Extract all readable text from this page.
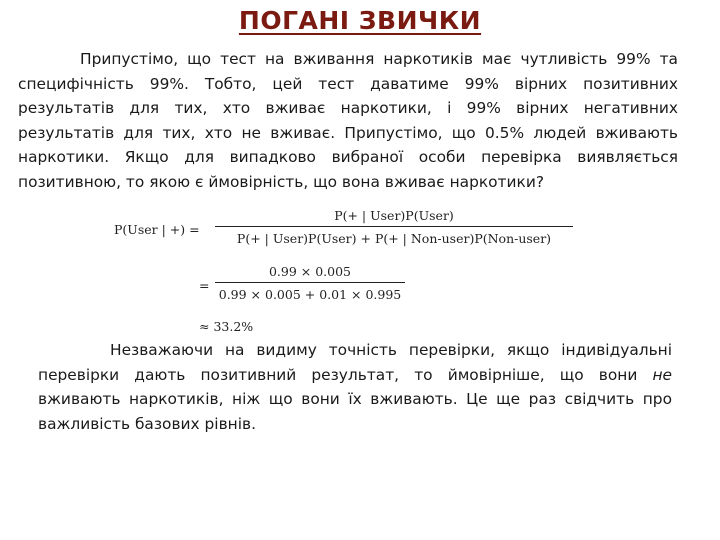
ПОГАНІ ЗВИЧКИ

Припустімо, що тест на вживання наркотиків має чутливість 99% та специфічність 99%. Тобто, цей тест даватиме 99% вірних позитивних результатів для тих, хто вживає наркотики, і 99% вірних негативних результатів для тих, хто не вживає. Припустімо, що 0.5% людей вживають наркотики. Якщо для випадково вибраної особи перевірка виявляється позитивною, то якою є ймовірність, що вона вживає наркотики?

P(User | +) =
P(+ | User)P(User)
P(+ | User)P(User) + P(+ | Non-user)P(Non-user)
=
0.99 × 0.005
0.99 × 0.005 + 0.01 × 0.995
≈ 33.2%

Незважаючи на видиму точність перевірки, якщо індивідуальні перевірки дають позитивний результат, то ймовірніше, що вони не вживають наркотиків, ніж що вони їх вживають. Це ще раз свідчить про важливість базових рівнів.
